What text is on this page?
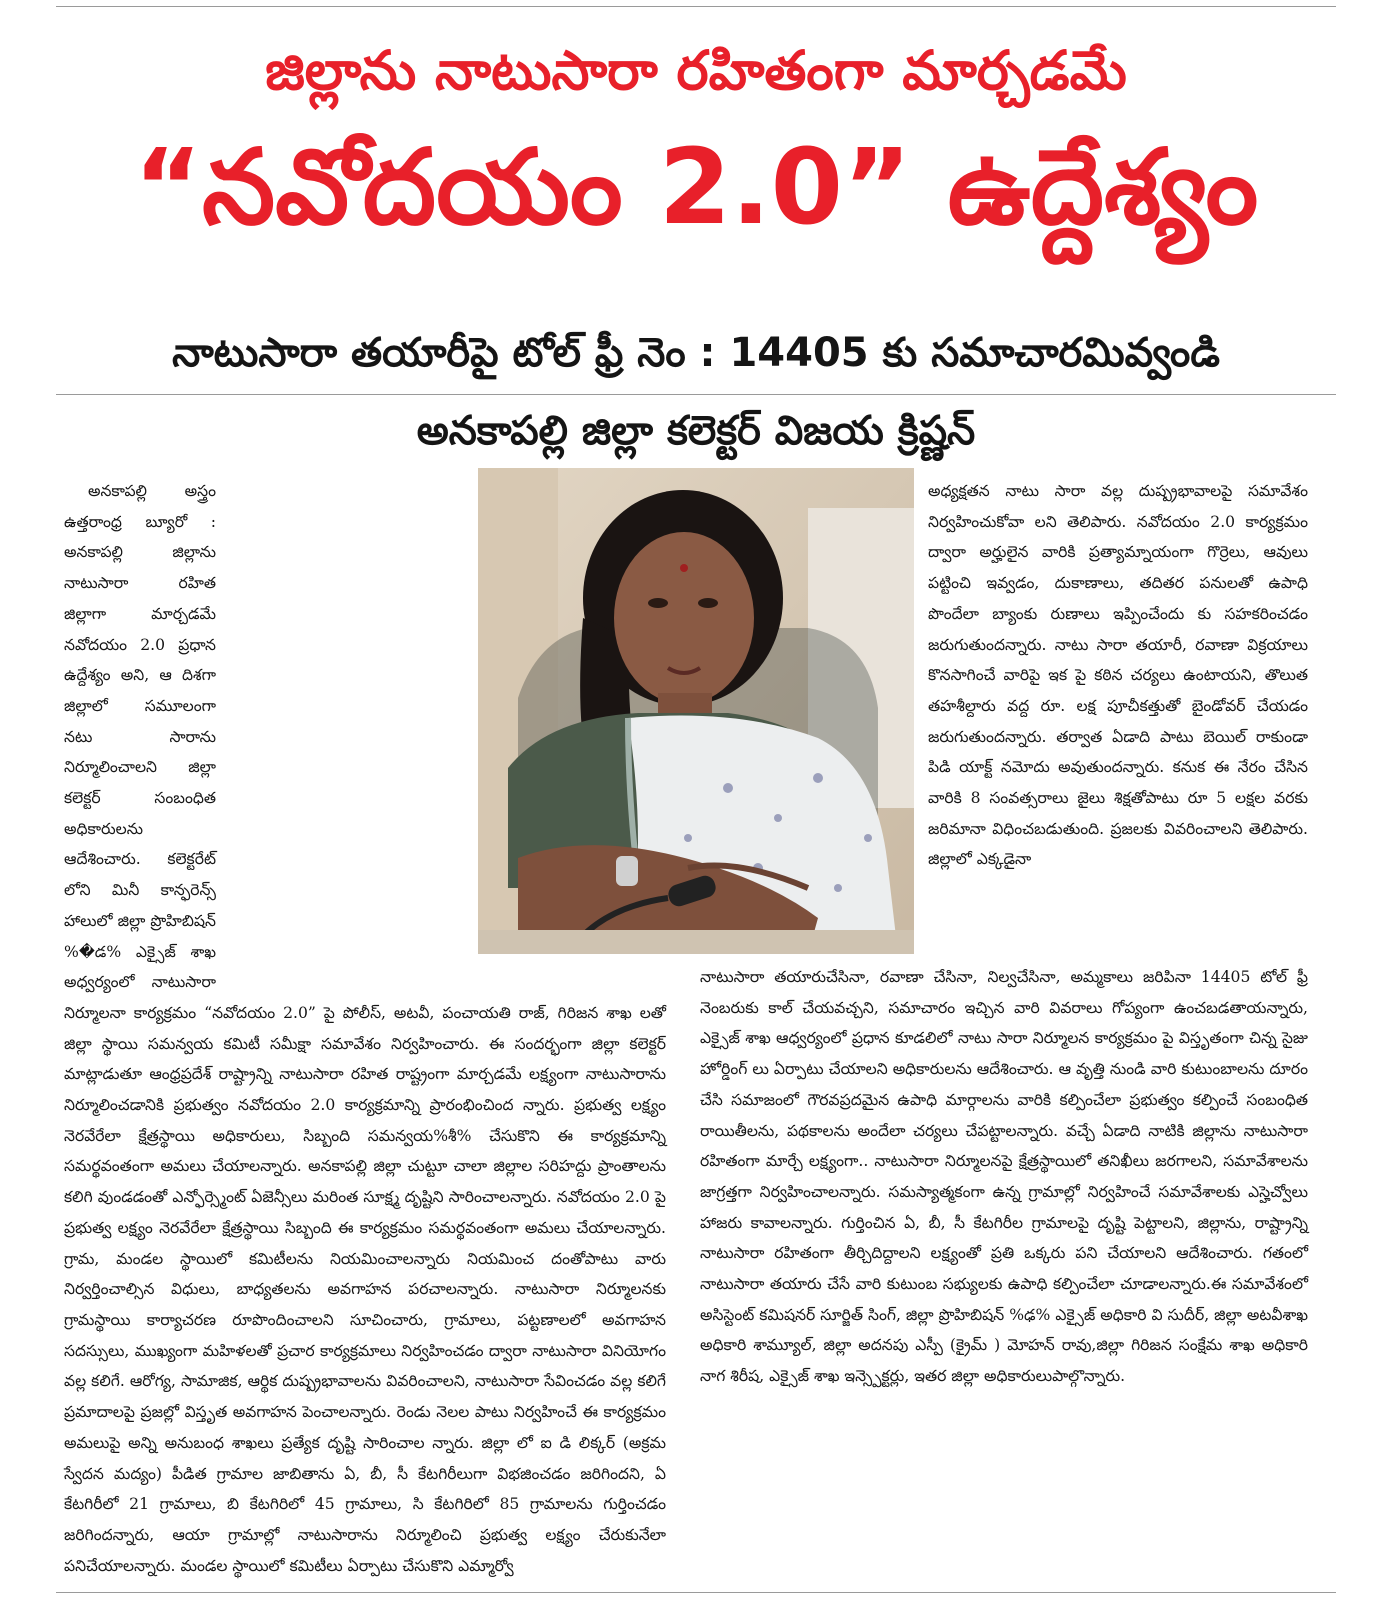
జిల్లాను నాటుసారా రహితంగా మార్చడమే
“నవోదయం 2.0” ఉద్దేశ్యం
నాటుసారా తయారీపై టోల్ ఫ్రీ నెం : 14405 కు సమాచారమివ్వండి
అనకాపల్లి జిల్లా కలెక్టర్ విజయ క్రిష్ణన్

అనకాపల్లి అస్త్రం ఉత్తరాంధ్ర బ్యూరో : అనకాపల్లి జిల్లాను నాటుసారా రహిత జిల్లాగా మార్చడమే నవోదయం 2.0 ప్రధాన ఉద్దేశ్యం అని, ఆ దిశగా జిల్లాలో సమూలంగా నటు సారాను నిర్మూలించాలని జిల్లా కలెక్టర్ సంబంధిత అధికారులను ఆదేశించారు. కలెక్టరేట్ లోని మినీ కాన్ఫరెన్స్ హాలులో జిల్లా ప్రొహిబిషన్ %�డ% ఎక్సైజ్ శాఖ అధ్వర్యంలో నాటుసారా నిర్మూలనా కార్యక్రమం “నవోదయం 2.0” పై పోలీస్, అటవీ, పంచాయతి రాజ్, గిరిజన శాఖ లతో జిల్లా స్థాయి సమన్వయ కమిటీ సమీక్షా సమావేశం నిర్వహించారు. ఈ సందర్భంగా జిల్లా కలెక్టర్ మాట్లాడుతూ ఆంధ్రప్రదేశ్ రాష్ట్రాన్ని నాటుసారా రహిత రాష్ట్రంగా మార్చడమే లక్ష్యంగా నాటుసారాను నిర్మూలించడానికి ప్రభుత్వం నవోదయం 2.0 కార్యక్రమాన్ని ప్రారంభించింద న్నారు. ప్రభుత్వ లక్ష్యం నెరవేరేలా క్షేత్రస్థాయి అధికారులు, సిబ్బంది సమన్వయ%శీ% చేసుకొని ఈ కార్యక్రమాన్ని సమర్థవంతంగా అమలు చేయాలన్నారు. అనకాపల్లి జిల్లా చుట్టూ చాలా జిల్లాల సరిహద్దు ప్రాంతాలను కలిగి వుండడంతో ఎన్ఫోర్స్మెంట్ ఏజెన్సీలు మరింత సూక్ష్మ దృష్టిని సారించాలన్నారు. నవోదయం 2.0 పై ప్రభుత్వ లక్ష్యం నెరవేరేలా క్షేత్రస్థాయి సిబ్బంది ఈ కార్యక్రమం సమర్థవంతంగా అమలు చేయాలన్నారు. గ్రామ, మండల స్థాయిలో కమిటీలను నియమించాలన్నారు నియమించ దంతోపాటు వారు నిర్వర్తించాల్సిన విధులు, బాధ్యతలను అవగాహన పరచాలన్నారు. నాటుసారా నిర్మూలనకు గ్రామస్థాయి కార్యాచరణ రూపొందించాలని సూచించారు, గ్రామాలు, పట్టణాలలో అవగాహన సదస్సులు, ముఖ్యంగా మహిళలతో ప్రచార కార్యక్రమాలు నిర్వహించడం ద్వారా నాటుసారా వినియోగం వల్ల కలిగే. ఆరోగ్య, సామాజిక, ఆర్థిక దుష్ప్రభావాలను వివరించాలని, నాటుసారా సేవించడం వల్ల కలిగే ప్రమాదాలపై ప్రజల్లో విస్తృత అవగాహన పెంచాలన్నారు. రెండు నెలల పాటు నిర్వహించే ఈ కార్యక్రమం అమలుపై అన్ని అనుబంధ శాఖలు ప్రత్యేక దృష్టి సారించాల న్నారు. జిల్లా లో ఐ డి లిక్కర్ (అక్రమ స్వేదన మద్యం) పీడిత గ్రామాల జాబితాను ఏ, బీ, సీ కేటగిరీలుగా విభజించడం జరిగిందని, ఏ కేటగిరీలో 21 గ్రామాలు, బి కేటగిరిలో 45 గ్రామాలు, సి కేటగిరిలో 85 గ్రామాలను గుర్తించడం జరిగిందన్నారు, ఆయా గ్రామాల్లో నాటుసారాను నిర్మూలించి ప్రభుత్వ లక్ష్యం చేరుకునేలా పనిచేయాలన్నారు. మండల స్థాయిలో కమిటీలు ఏర్పాటు చేసుకొని ఎమ్మార్వో

అధ్యక్షతన నాటు సారా వల్ల దుష్ప్రభావాలపై సమావేశం నిర్వహించుకోవా లని తెలిపారు. నవోదయం 2.0 కార్యక్రమం ద్వారా అర్హులైన వారికి ప్రత్యామ్నాయంగా గొర్రెలు, ఆవులు పట్టించి ఇవ్వడం, దుకాణాలు, తదితర పనులతో ఉపాధి పొందేలా బ్యాంకు రుణాలు ఇప్పించేందు కు సహకరించడం జరుగుతుందన్నారు. నాటు సారా తయారీ, రవాణా విక్రయాలు కొనసాగించే వారిపై ఇక పై కఠిన చర్యలు ఉంటాయని, తొలుత తహశీల్దారు వద్ద రూ. లక్ష పూచీకత్తుతో బైండోవర్ చేయడం జరుగుతుందన్నారు. తర్వాత ఏడాది పాటు బెయిల్ రాకుండా పిడి యాక్ట్ నమోదు అవుతుందన్నారు. కనుక ఈ నేరం చేసిన వారికి 8 సంవత్సరాలు జైలు శిక్షతోపాటు రూ 5 లక్షల వరకు జరిమానా విధించబడుతుంది. ప్రజలకు వివరించాలని తెలిపారు. జిల్లాలో ఎక్కడైనా

నాటుసారా తయారుచేసినా, రవాణా చేసినా, నిల్వచేసినా, అమ్మకాలు జరిపినా 14405 టోల్ ఫ్రీ నెంబరుకు కాల్ చేయవచ్చని, సమాచారం ఇచ్చిన వారి వివరాలు గోప్యంగా ఉంచబడతాయన్నారు, ఎక్సైజ్ శాఖ ఆధ్వర్యంలో ప్రధాన కూడలిలో నాటు సారా నిర్మూలన కార్యక్రమం పై విస్తృతంగా చిన్న సైజు హోర్డింగ్ లు ఏర్పాటు చేయాలని అధికారులను ఆదేశించారు. ఆ వృత్తి నుండి వారి కుటుంబాలను దూరం చేసి సమాజంలో గౌరవప్రదమైన ఉపాధి మార్గాలను వారికి కల్పించేలా ప్రభుత్వం కల్పించే సంబంధిత రాయితీలను, పథకాలను అందేలా చర్యలు చేపట్టాలన్నారు. వచ్చే ఏడాది నాటికి జిల్లాను నాటుసారా రహితంగా మార్చే లక్ష్యంగా.. నాటుసారా నిర్మూలనపై క్షేత్రస్థాయిలో తనిఖీలు జరగాలని, సమావేశాలను జాగ్రత్తగా నిర్వహించాలన్నారు. సమస్యాత్మకంగా ఉన్న గ్రామాల్లో నిర్వహించే సమావేశాలకు ఎస్హెచ్వోలు హాజరు కావాలన్నారు. గుర్తించిన ఏ, బీ, సీ కేటగిరీల గ్రామాలపై దృష్టి పెట్టాలని, జిల్లాను, రాష్ట్రాన్ని నాటుసారా రహితంగా తీర్చిదిద్దాలని లక్ష్యంతో ప్రతి ఒక్కరు పని చేయాలని ఆదేశించారు. గతంలో నాటుసారా తయారు చేసే వారి కుటుంబ సభ్యులకు ఉపాధి కల్పించేలా చూడాలన్నారు.ఈ సమావేశంలో అసిస్టెంట్ కమిషనర్ సూర్జిత్ సింగ్, జిల్లా ప్రొహిబిషన్ %ఢ% ఎక్సైజ్ అధికారి వి సుదీర్, జిల్లా అటవీశాఖ అధికారి శామ్యూల్, జిల్లా అదనపు ఎస్పీ (క్రైమ్ ) మోహన్ రావు,జిల్లా గిరిజన సంక్షేమ శాఖ అధికారి నాగ శిరీష, ఎక్సైజ్ శాఖ ఇన్స్పెక్టర్లు, ఇతర జిల్లా అధికారులుపాల్గొన్నారు.
